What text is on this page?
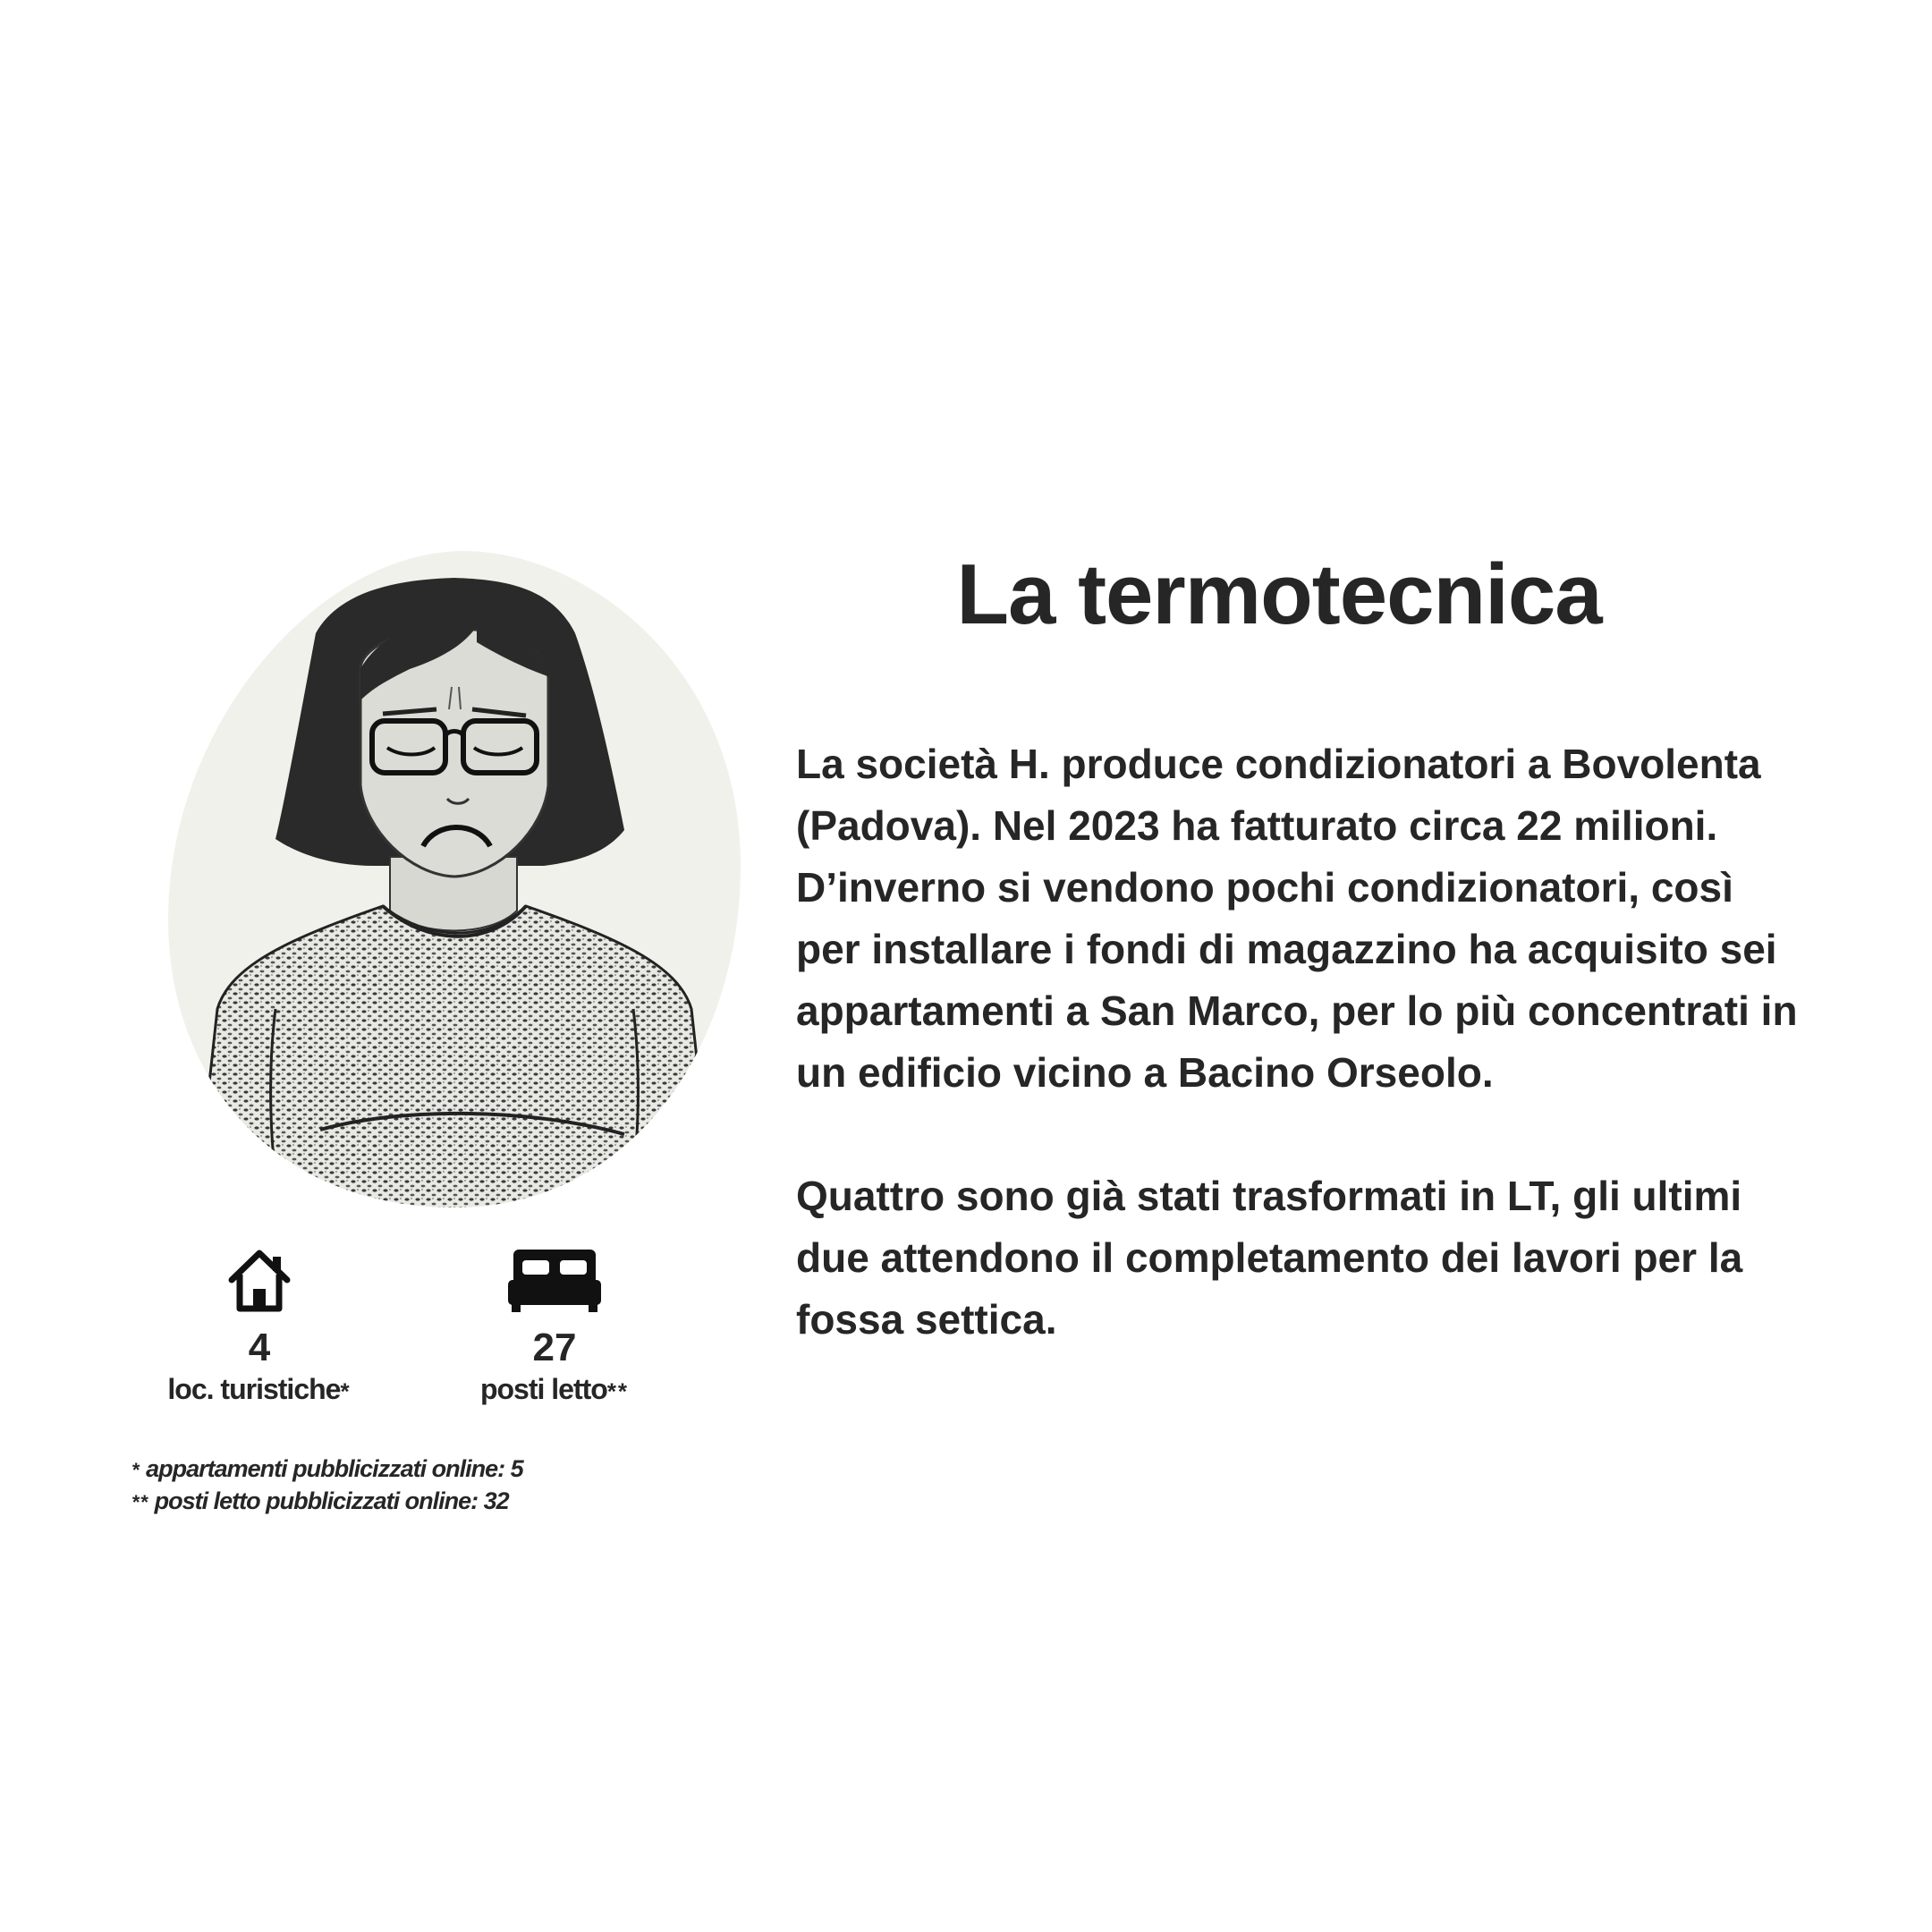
4
loc. turistiche*
27
posti letto**
* appartamenti pubblicizzati online: 5
** posti letto pubblicizzati online: 32
La termotecnica

La società H. produce condizionatori a Bovolenta (Padova). Nel 2023 ha fatturato circa 22 milioni. D’inverno si vendono pochi condizionatori, così per installare i fondi di magazzino ha acquisito sei appartamenti a San Marco, per lo più concentrati in un edificio vicino a Bacino Orseolo.

Quattro sono già stati trasformati in LT, gli ultimi due attendono il completamento dei lavori per la fossa settica.
